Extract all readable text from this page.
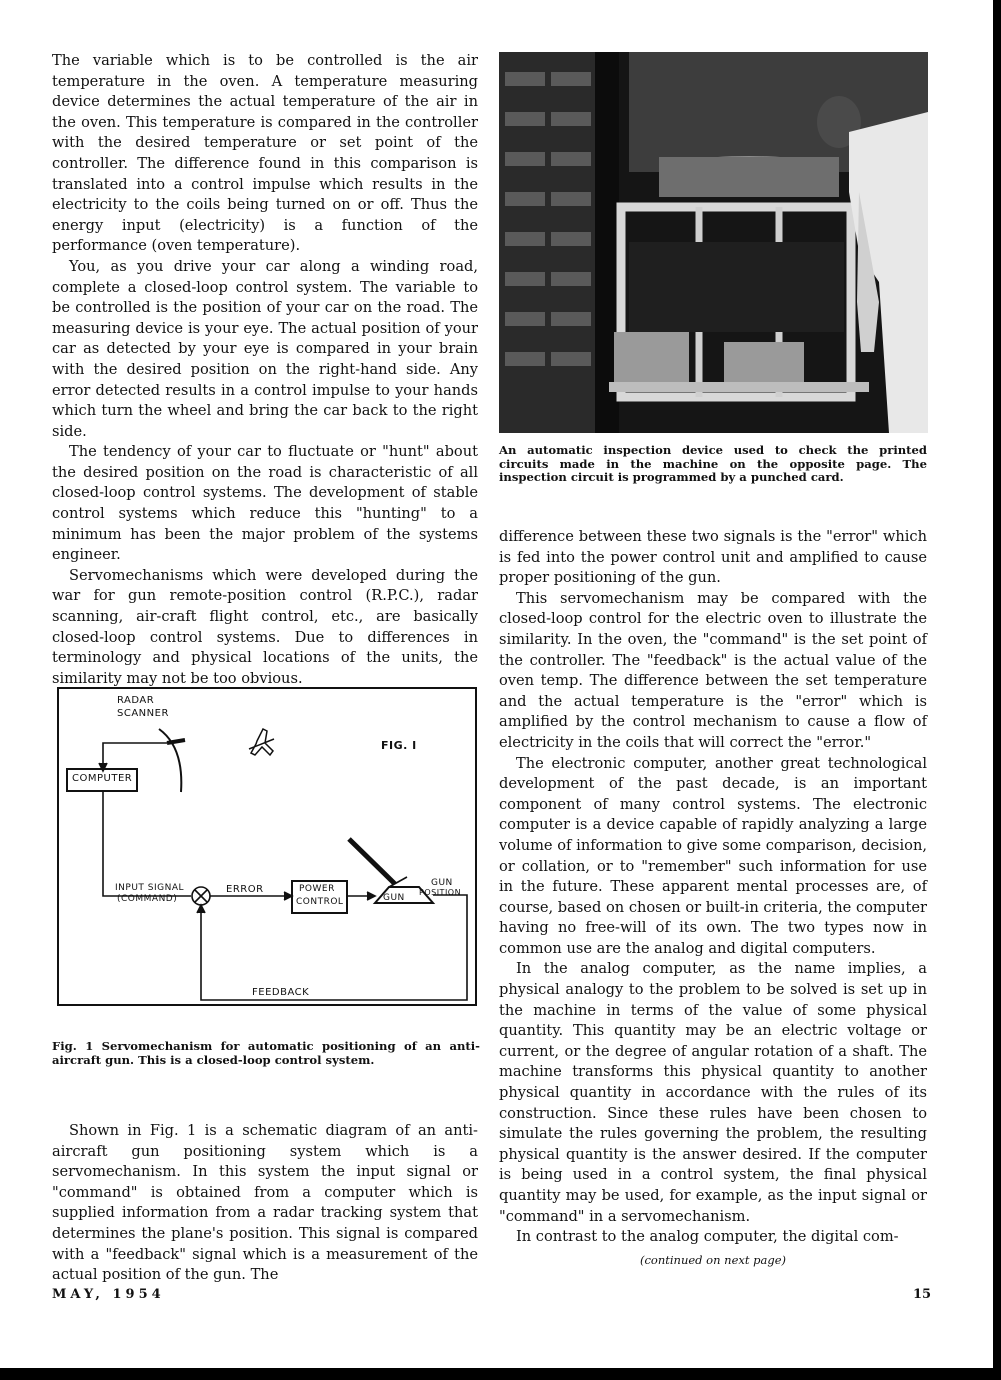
The variable which is to be controlled is the air temperature in the oven. A temperature measuring device determines the actual temperature of the air in the oven. This temperature is compared in the controller with the desired temperature or set point of the controller. The difference found in this comparison is translated into a control impulse which results in the electricity to the coils being turned on or off. Thus the energy input (electricity) is a function of the performance (oven temperature).

You, as you drive your car along a winding road, complete a closed-loop control system. The variable to be controlled is the position of your car on the road. The measuring device is your eye. The actual position of your car as detected by your eye is compared in your brain with the desired position on the right-hand side. Any error detected results in a control impulse to your hands which turn the wheel and bring the car back to the right side.

The tendency of your car to fluctuate or "hunt" about the desired position on the road is characteristic of all closed-loop control systems. The development of stable control systems which reduce this "hunting" to a minimum has been the major problem of the systems engineer.

Servomechanisms which were developed during the war for gun remote-position control (R.P.C.), radar scanning, air-craft flight control, etc., are basically closed-loop control systems. Due to differences in terminology and physical locations of the units, the similarity may not be too obvious.

An automatic inspection device used to check the printed circuits made in the machine on the opposite page. The inspection circuit is programmed by a punched card.
RADAR
SCANNER
FIG. I
COMPUTER
INPUT SIGNAL
(COMMAND)
ERROR	POWER
CONTROL	GUN
GUN
POSITION
FEEDBACK
Fig. 1 Servomechanism for automatic positioning of an anti-aircraft gun. This is a closed-loop control system.

Shown in Fig. 1 is a schematic diagram of an anti-aircraft gun positioning system which is a servomechanism. In this system the input signal or "command" is obtained from a computer which is supplied information from a radar tracking system that determines the plane's position. This signal is compared with a "feedback" signal which is a measurement of the actual position of the gun. The

difference between these two signals is the "error" which is fed into the power control unit and amplified to cause proper positioning of the gun.

This servomechanism may be compared with the closed-loop control for the electric oven to illustrate the similarity. In the oven, the "command" is the set point of the controller. The "feedback" is the actual value of the oven temp. The difference between the set temperature and the actual temperature is the "error" which is amplified by the control mechanism to cause a flow of electricity in the coils that will correct the "error."

The electronic computer, another great technological development of the past decade, is an important component of many control systems. The electronic computer is a device capable of rapidly analyzing a large volume of information to give some comparison, decision, or collation, or to "remember" such information for use in the future. These apparent mental processes are, of course, based on chosen or built-in criteria, the computer having no free-will of its own. The two types now in common use are the analog and digital computers.

In the analog computer, as the name implies, a physical analogy to the problem to be solved is set up in the machine in terms of the value of some physical quantity. This quantity may be an electric voltage or current, or the degree of angular rotation of a shaft. The machine transforms this physical quantity to another physical quantity in accordance with the rules of its construction. Since these rules have been chosen to simulate the rules governing the problem, the resulting physical quantity is the answer desired. If the computer is being used in a control system, the final physical quantity may be used, for example, as the input signal or "command" in a servomechanism.

In contrast to the analog computer, the digital com-

(continued on next page)
MAY, 1954	15
